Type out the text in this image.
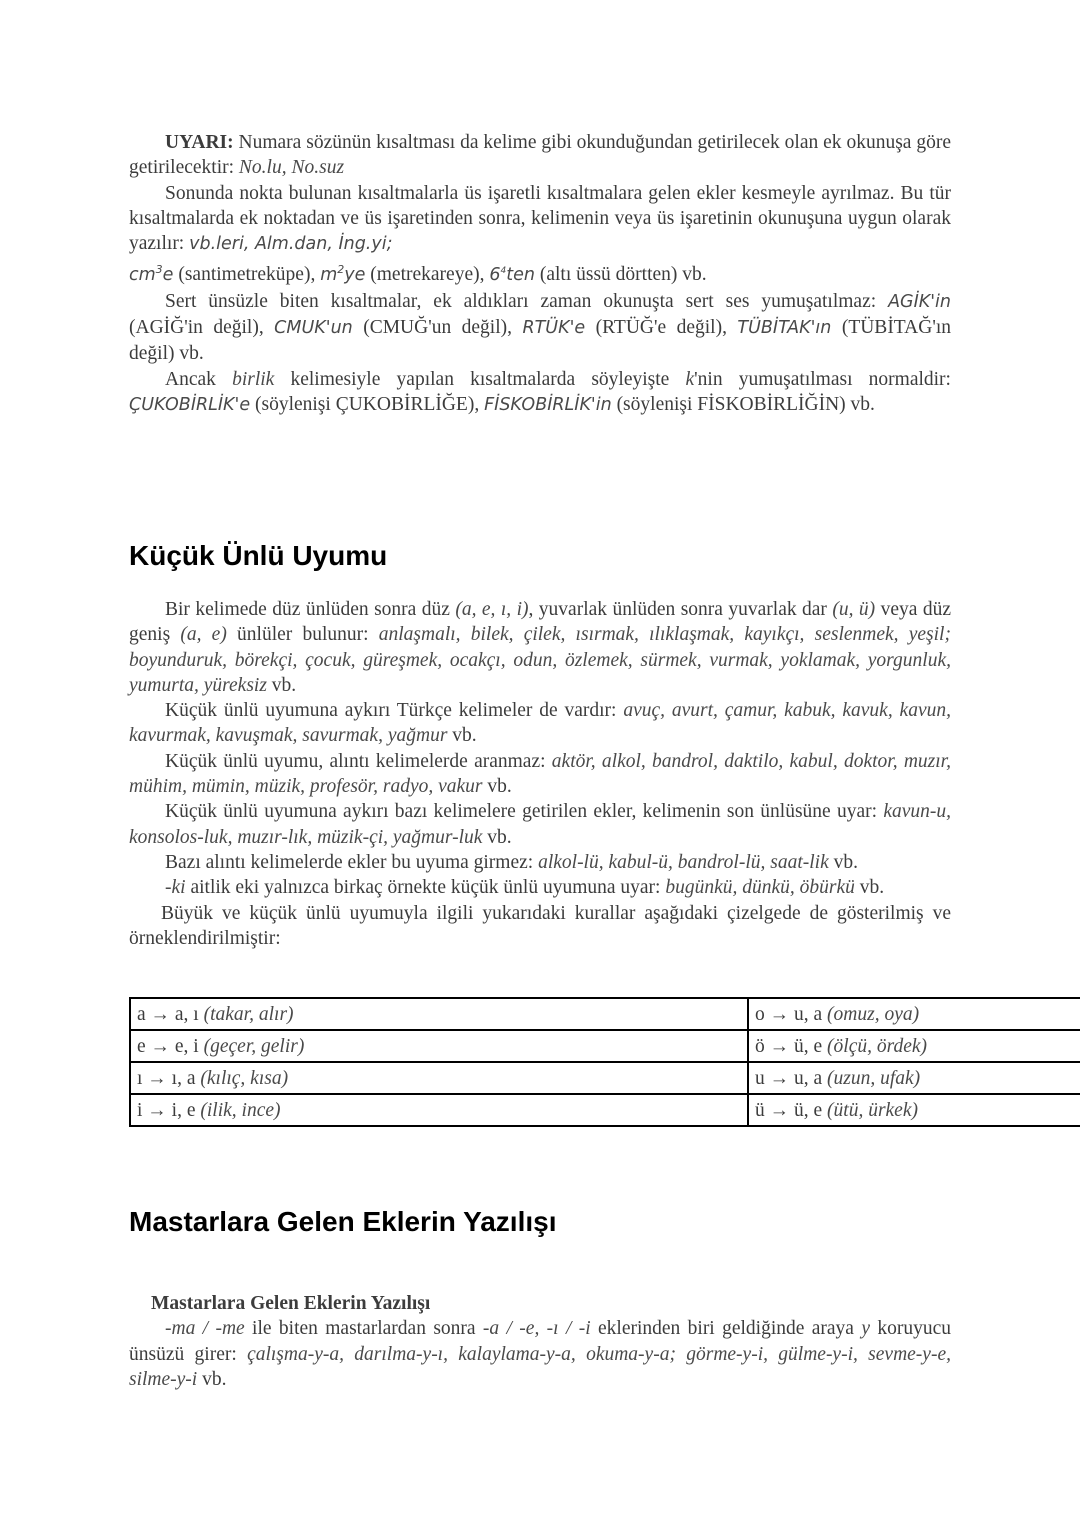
UYARI: Numara sözünün kısaltması da kelime gibi okunduğundan getirilecek olan ek okunuşa göre getirilecektir: No.lu, No.suz

Sonunda nokta bulunan kısaltmalarla üs işaretli kısaltmalara gelen ekler kesmeyle ayrılmaz. Bu tür kısaltmalarda ek noktadan ve üs işaretinden sonra, kelimenin veya üs işaretinin okunuşuna uygun olarak yazılır: vb.leri, Alm.dan, İng.yi;
$cm^3e$ (santimetreküpe), $m^2ye$ (metrekareye), $6^4ten$ (altı üssü dörtten) vb.

Sert ünsüzle biten kısaltmalar, ek aldıkları zaman okunuşta sert ses yumuşatılmaz: AGİK'in (AGİĞ'in değil), CMUK'un (CMUĞ'un değil), RTÜK'e (RTÜĞ'e değil), TÜBİTAK'ın (TÜBİTAĞ'ın değil) vb.

Ancak birlik kelimesiyle yapılan kısaltmalarda söyleyişte k'nin yumuşatılması normaldir: ÇUKOBİRLİK'e (söylenişi ÇUKOBİRLİĞE), FİSKOBİRLİK'in (söylenişi FİSKOBİRLİĞİN) vb.

Küçük Ünlü Uyumu

Bir kelimede düz ünlüden sonra düz (a, e, ı, i), yuvarlak ünlüden sonra yuvarlak dar (u, ü) veya düz geniş (a, e) ünlüler bulunur: anlaşmalı, bilek, çilek, ısırmak, ılıklaşmak, kayıkçı, seslenmek, yeşil; boyunduruk, börekçi, çocuk, güreşmek, ocakçı, odun, özlemek, sürmek, vurmak, yoklamak, yorgunluk, yumurta, yüreksiz vb.

Küçük ünlü uyumuna aykırı Türkçe kelimeler de vardır: avuç, avurt, çamur, kabuk, kavuk, kavun, kavurmak, kavuşmak, savurmak, yağmur vb.

Küçük ünlü uyumu, alıntı kelimelerde aranmaz: aktör, alkol, bandrol, daktilo, kabul, doktor, muzır, mühim, mümin, müzik, profesör, radyo, vakur vb.

Küçük ünlü uyumuna aykırı bazı kelimelere getirilen ekler, kelimenin son ünlüsüne uyar: kavun-u, konsolos-luk, muzır-lık, müzik-çi, yağmur-luk vb.

Bazı alıntı kelimelerde ekler bu uyuma girmez: alkol-lü, kabul-ü, bandrol-lü, saat-lik vb.

-ki aitlik eki yalnızca birkaç örnekte küçük ünlü uyumuna uyar: bugünkü, dünkü, öbürkü vb.

Büyük ve küçük ünlü uyumuyla ilgili yukarıdaki kurallar aşağıdaki çizelgede de gösterilmiş ve örneklendirilmiştir:

a → a, ı (takar, alır)	o → u, a (omuz, oya)
e → e, i (geçer, gelir)	ö → ü, e (ölçü, ördek)
ı → ı, a (kılıç, kısa)	u → u, a (uzun, ufak)
i → i, e (ilik, ince)	ü → ü, e (ütü, ürkek)
Mastarlara Gelen Eklerin Yazılışı

Mastarlara Gelen Eklerin Yazılışı

-ma / -me ile biten mastarlardan sonra -a / -e, -ı / -i eklerinden biri geldiğinde araya y koruyucu ünsüzü girer: çalışma-y-a, darılma-y-ı, kalaylama-y-a, okuma-y-a; görme-y-i, gülme-y-i, sevme-y-e, silme-y-i vb.
